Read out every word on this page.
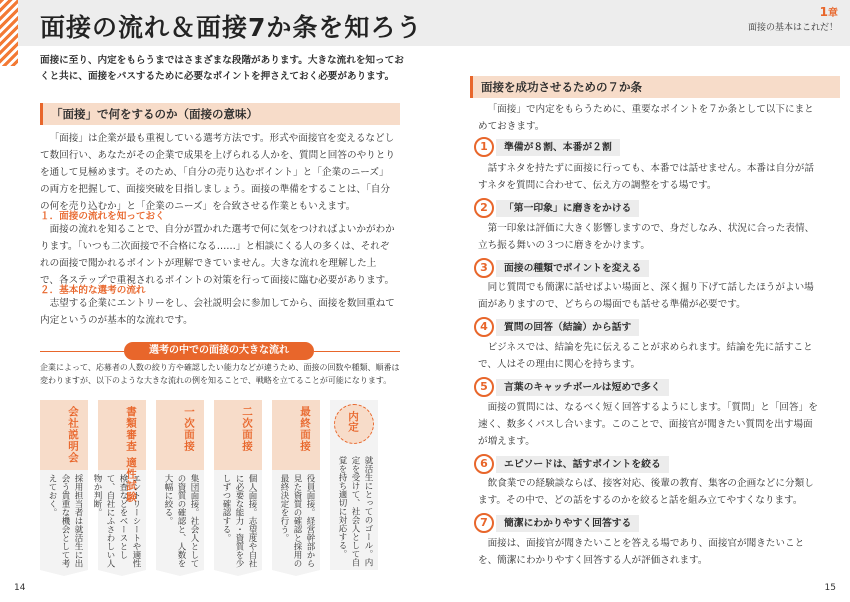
面接の流れ＆面接7か条を知ろう
1章
面接の基本はこれだ！
面接に至り、内定をもらうまではさまざまな段階があります。大きな流れを知っておくと共に、面接をパスするために必要なポイントを押さえておく必要があります。
「面接」で何をするのか（面接の意味）
「面接」は企業が最も重視している選考方法です。形式や面接官を変えるなどして数回行い、あなたがその企業で成果を上げられる人かを、質問と回答のやりとりを通して見極めます。そのため、「自分の売り込むポイント」と「企業のニーズ」の両方を把握して、面接突破を目指しましょう。面接の準備をすることは、「自分の何を売り込むか」と「企業のニーズ」を合致させる作業ともいえます。
１．面接の流れを知っておく
面接の流れを知ることで、自分が置かれた選考で何に気をつければよいかがわかります。「いつも二次面接で不合格になる……」と相談にくる人の多くは、それぞれの面接で聞かれるポイントが理解できていません。大きな流れを理解した上で、各ステップで重視されるポイントの対策を行って面接に臨む必要があります。
２．基本的な選考の流れ
志望する企業にエントリーをし、会社説明会に参加してから、面接を数回重ねて内定というのが基本的な流れです。
選考の中での面接の大きな流れ
企業によって、応募者の人数の絞り方や確認したい能力などが違うため、面接の回数や種類、順番は変わりますが、以下のような大きな流れの例を知ることで、戦略を立てることが可能になります。
会社説明会
採用担当者は就活生に出会う貴重な機会として考えておく。	書類審査 適性試験
エントリーシートや適性検査などをベースとして、自社にふさわしい人物か判断。
一次面接
集団面接。社会人としての資質の確認と、人数を大幅に絞る。
二次面接
個人面接。志望度や自社に必要な能力・資質を少しずつ確認する。
最終面接
役員面接。経営幹部から見た資質の確認と採用の最終決定を行う。
内定
就活生にとってのゴール。内定を受けて、社会人として自覚を持ち適切に対応する。
14
面接を成功させるための７か条
「面接」で内定をもらうために、重要なポイントを７か条として以下にまとめておきます。
1	準備が８割、本番が２割
話すネタを持たずに面接に行っても、本番では話せません。本番は自分が話すネタを質問に合わせて、伝え方の調整をする場です。
2	「第一印象」に磨きをかける
第一印象は評価に大きく影響しますので、身だしなみ、状況に合った表情、立ち振る舞いの３つに磨きをかけます。
3	面接の種類でポイントを変える
同じ質問でも簡潔に話せばよい場面と、深く掘り下げて話したほうがよい場面がありますので、どちらの場面でも話せる準備が必要です。
4	質問の回答（結論）から話す
ビジネスでは、結論を先に伝えることが求められます。結論を先に話すことで、人はその理由に関心を持ちます。
5	言葉のキャッチボールは短めで多く
面接の質問には、なるべく短く回答するようにします。「質問」と「回答」を速く、数多くパスし合います。このことで、面接官が聞きたい質問を出す場面が増えます。
6	エピソードは、話すポイントを絞る
飲食業での経験談ならば、接客対応、後輩の教育、集客の企画などに分類します。その中で、どの話をするのかを絞ると話を組み立てやすくなります。
7	簡潔にわかりやすく回答する
面接は、面接官が聞きたいことを答える場であり、面接官が聞きたいことを、簡潔にわかりやすく回答する人が評価されます。
15
